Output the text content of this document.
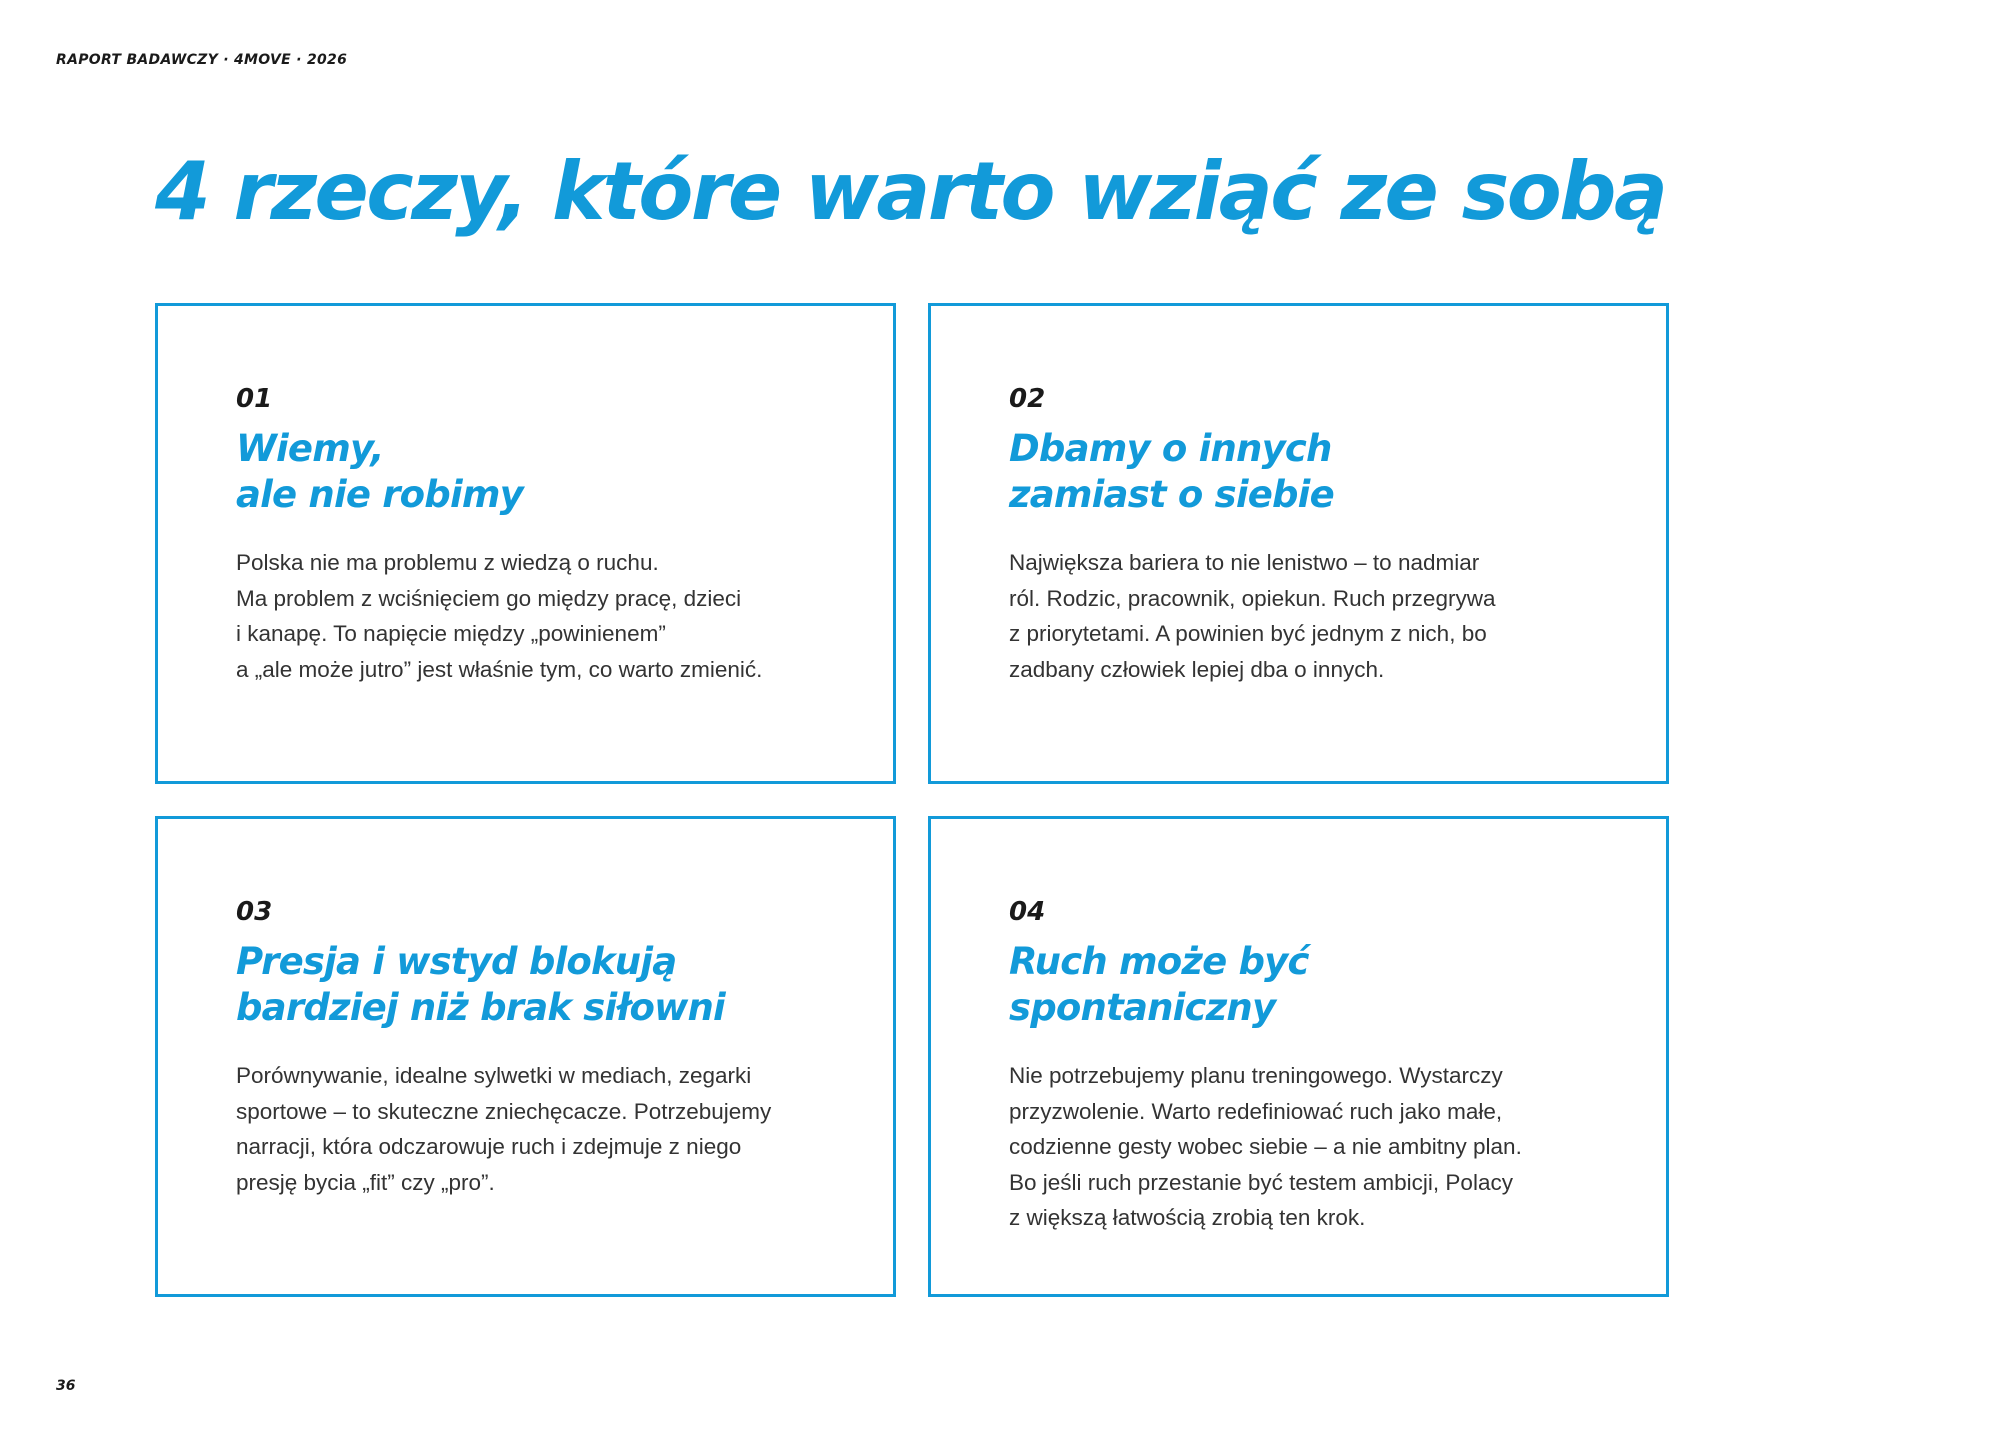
RAPORT BADAWCZY · 4MOVE · 2026

4 rzeczy, które warto wziąć ze sobą

01

Wiemy,
ale nie robimy

Polska nie ma problemu z wiedzą o ruchu.
Ma problem z wciśnięciem go między pracę, dzieci
i kanapę. To napięcie między „powinienem”
a „ale może jutro” jest właśnie tym, co warto zmienić.

02

Dbamy o innych
zamiast o siebie

Największa bariera to nie lenistwo – to nadmiar
ról. Rodzic, pracownik, opiekun. Ruch przegrywa
z priorytetami. A powinien być jednym z nich, bo
zadbany człowiek lepiej dba o innych.

03

Presja i wstyd blokują
bardziej niż brak siłowni

Porównywanie, idealne sylwetki w mediach, zegarki
sportowe – to skuteczne zniechęcacze. Potrzebujemy
narracji, która odczarowuje ruch i zdejmuje z niego
presję bycia „fit” czy „pro”.

04

Ruch może być
spontaniczny

Nie potrzebujemy planu treningowego. Wystarczy
przyzwolenie. Warto redefiniować ruch jako małe,
codzienne gesty wobec siebie – a nie ambitny plan.
Bo jeśli ruch przestanie być testem ambicji, Polacy
z większą łatwością zrobią ten krok.

36
